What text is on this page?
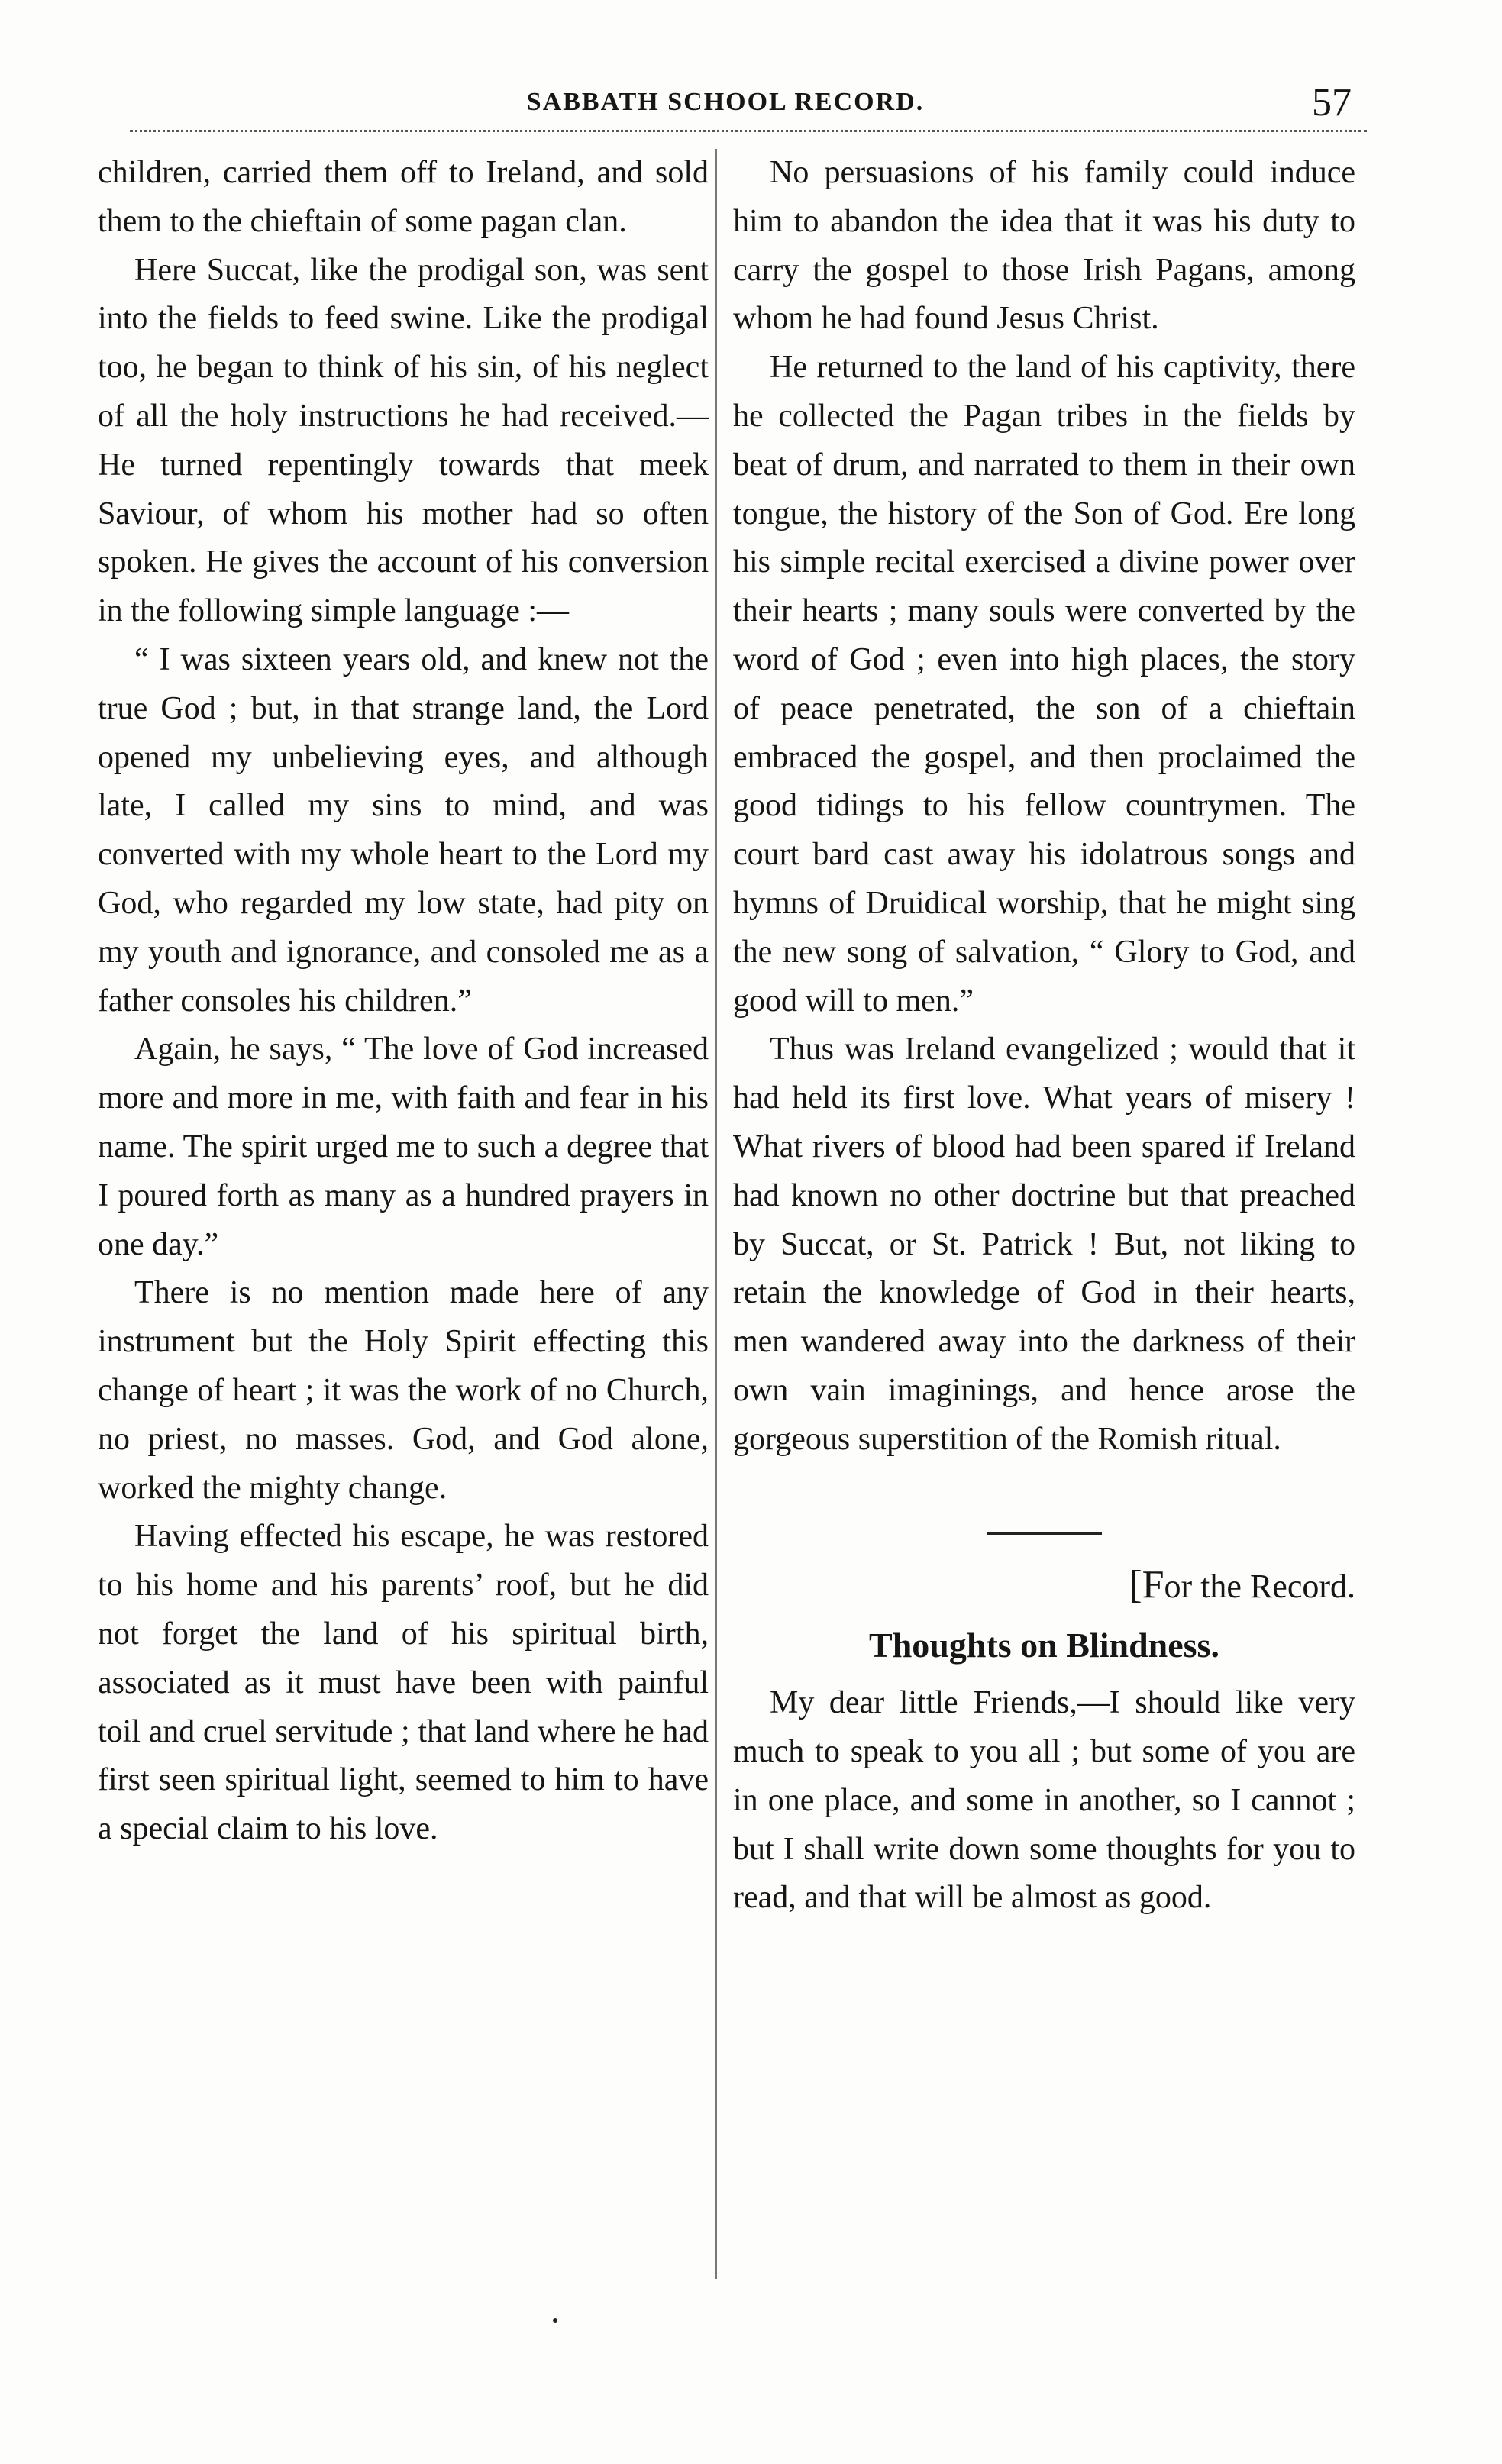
SABBATH SCHOOL RECORD.	57

children, carried them off to Ireland, and sold them to the chieftain of some pagan clan.

Here Succat, like the prodigal son, was sent into the fields to feed swine. Like the prodigal too, he began to think of his sin, of his neglect of all the holy instructions he had received.— He turned repentingly towards that meek Saviour, of whom his mother had so often spoken. He gives the account of his conversion in the following simple language :—

“ I was sixteen years old, and knew not the true God ; but, in that strange land, the Lord opened my unbelieving eyes, and although late, I called my sins to mind, and was converted with my whole heart to the Lord my God, who regarded my low state, had pity on my youth and ignorance, and consoled me as a father consoles his children.”

Again, he says, “ The love of God increased more and more in me, with faith and fear in his name. The spirit urged me to such a degree that I poured forth as many as a hundred prayers in one day.”

There is no mention made here of any instrument but the Holy Spirit effecting this change of heart ; it was the work of no Church, no priest, no masses. God, and God alone, worked the mighty change.

Having effected his escape, he was restored to his home and his parents’ roof, but he did not forget the land of his spiritual birth, associated as it must have been with painful toil and cruel servitude ; that land where he had first seen spiritual light, seemed to him to have a special claim to his love.

No persuasions of his family could induce him to abandon the idea that it was his duty to carry the gospel to those Irish Pagans, among whom he had found Jesus Christ.

He returned to the land of his captivity, there he collected the Pagan tribes in the fields by beat of drum, and narrated to them in their own tongue, the history of the Son of God. Ere long his simple recital exercised a divine power over their hearts ; many souls were converted by the word of God ; even into high places, the story of peace penetrated, the son of a chieftain embraced the gospel, and then proclaimed the good tidings to his fellow countrymen. The court bard cast away his idolatrous songs and hymns of Druidical worship, that he might sing the new song of salvation, “ Glory to God, and good will to men.”

Thus was Ireland evangelized ; would that it had held its first love. What years of misery ! What rivers of blood had been spared if Ireland had known no other doctrine but that preached by Succat, or St. Patrick ! But, not liking to retain the knowledge of God in their hearts, men wandered away into the darkness of their own vain imaginings, and hence arose the gorgeous superstition of the Romish ritual.

[For the Record.

Thoughts on Blindness.

My dear little Friends,—I should like very much to speak to you all ; but some of you are in one place, and some in another, so I cannot ; but I shall write down some thoughts for you to read, and that will be almost as good.
